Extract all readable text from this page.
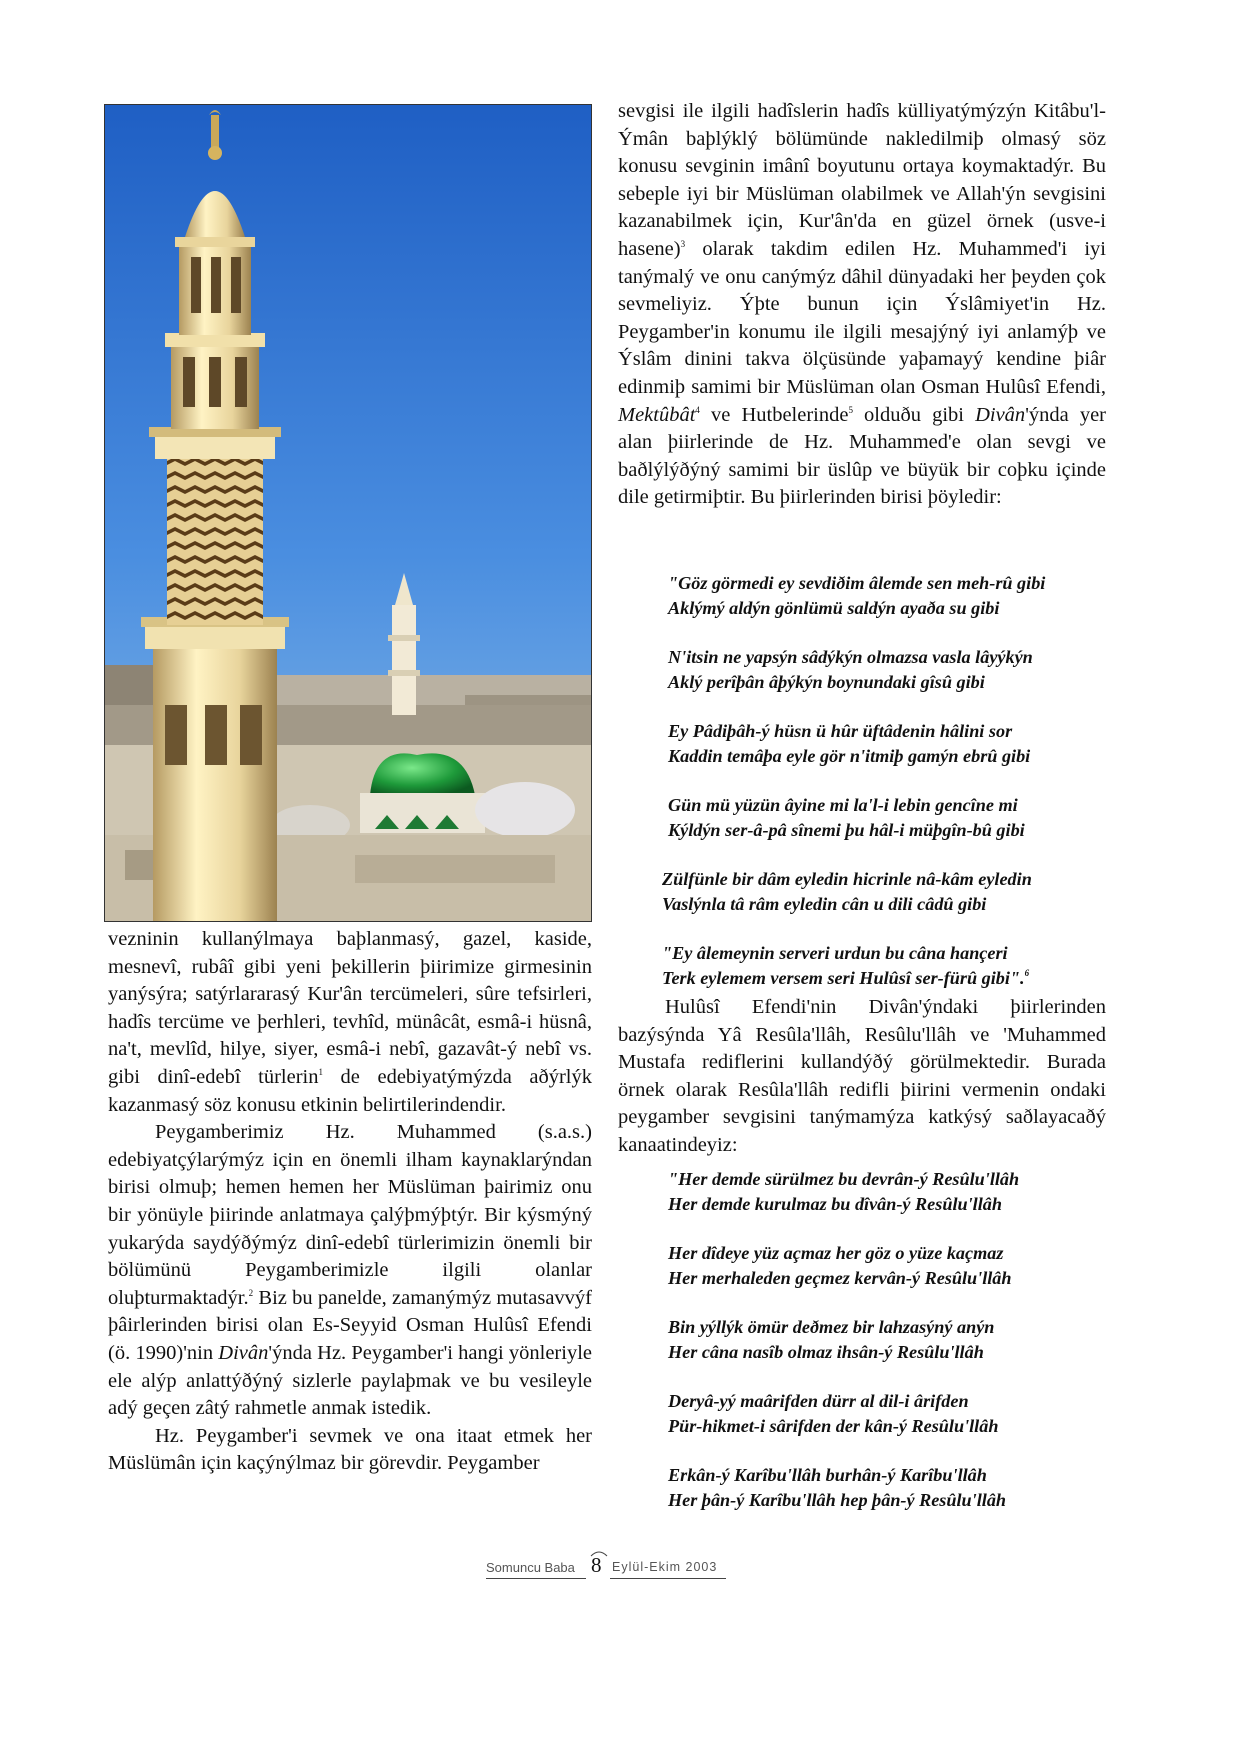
sevgisi ile ilgili hadîslerin hadîs külliyatýmýzýn Kitâbu'l-Ýmân baþlýklý bölümünde nakledilmiþ olmasý söz konusu sevginin imânî boyutunu ortaya koymaktadýr. Bu sebeple iyi bir Müslüman olabilmek ve Allah'ýn sevgisini kazanabilmek için, Kur'ân'da en güzel örnek (usve-i hasene)$^3$ olarak takdim edilen Hz. Muhammed'i iyi tanýmalý ve onu canýmýz dâhil dünyadaki her þeyden çok sevmeliyiz. Ýþte bunun için Ýslâmiyet'in Hz. Peygamber'in konumu ile ilgili mesajýný iyi anlamýþ ve Ýslâm dinini takva ölçüsünde yaþamayý kendine þiâr edinmiþ samimi bir Müslüman olan Osman Hulûsî Efendi, Mektûbât$^4$ ve Hutbelerinde$^5$ olduðu gibi Divân'ýnda yer alan þiirlerinde de Hz. Muhammed'e olan sevgi ve baðlýlýðýný samimi bir üslûp ve büyük bir coþku içinde dile getirmiþtir. Bu þiirlerinden birisi þöyledir:

"Göz görmedi ey sevdiðim âlemde sen meh-rû gibi
Aklýmý aldýn gönlümü saldýn ayaða su gibi
N'itsin ne yapsýn sâdýkýn olmazsa vasla lâyýkýn
Aklý perîþân âþýkýn boynundaki gîsû gibi
Ey Pâdiþâh-ý hüsn ü hûr üftâdenin hâlini sor
Kaddin temâþa eyle gör n'itmiþ gamýn ebrû gibi
Gün mü yüzün âyine mi la'l-i lebin gencîne mi
Kýldýn ser-â-pâ sînemi þu hâl-i müþgîn-bû gibi
Zülfünle bir dâm eyledin hicrinle nâ-kâm eyledin
Vaslýnla tâ râm eyledin cân u dili câdû gibi
"Ey âlemeynin serveri urdun bu câna hançeri
Terk eylemem versem seri Hulûsî ser-fürû gibi".$^6$

vezninin kullanýlmaya baþlanmasý, gazel, kaside, mesnevî, rubâî gibi yeni þekillerin þiirimize girmesinin yanýsýra; satýrlararasý Kur'ân tercümeleri, sûre tefsirleri, hadîs tercüme ve þerhleri, tevhîd, münâcât, esmâ-i hüsnâ, na't, mevlîd, hilye, siyer, esmâ-i nebî, gazavât-ý nebî vs. gibi dinî-edebî türlerin$^1$ de edebiyatýmýzda aðýrlýk kazanmasý söz konusu etkinin belirtilerindendir.

Peygamberimiz Hz. Muhammed (s.a.s.) edebiyatçýlarýmýz için en önemli ilham kaynaklarýndan birisi olmuþ; hemen hemen her Müslüman þairimiz onu bir yönüyle þiirinde anlatmaya çalýþmýþtýr. Bir kýsmýný yukarýda saydýðýmýz dinî-edebî türlerimizin önemli bir bölümünü Peygamberimizle ilgili olanlar oluþturmaktadýr.$^2$ Biz bu panelde, zamanýmýz mutasavvýf þâirlerinden birisi olan Es-Seyyid Osman Hulûsî Efendi (ö. 1990)'nin Divân'ýnda Hz. Peygamber'i hangi yönleriyle ele alýp anlattýðýný sizlerle paylaþmak ve bu vesileyle adý geçen zâtý rahmetle anmak istedik.

Hz. Peygamber'i sevmek ve ona itaat etmek her Müslümân için kaçýnýlmaz bir görevdir. Peygamber

Hulûsî Efendi'nin Divân'ýndaki þiirlerinden bazýsýnda Yâ Resûla'llâh, Resûlu'llâh ve 'Muhammed Mustafa rediflerini kullandýðý görülmektedir. Burada örnek olarak Resûla'llâh redifli þiirini vermenin ondaki peygamber sevgisini tanýmamýza katkýsý saðlayacaðý kanaatindeyiz:

"Her demde sürülmez bu devrân-ý Resûlu'llâh
Her demde kurulmaz bu dîvân-ý Resûlu'llâh
Her dîdeye yüz açmaz her göz o yüze kaçmaz
Her merhaleden geçmez kervân-ý Resûlu'llâh
Bin yýllýk ömür deðmez bir lahzasýný anýn
Her câna nasîb olmaz ihsân-ý Resûlu'llâh
Deryâ-yý maârifden dürr al dil-i ârifden
Pür-hikmet-i sârifden der kân-ý Resûlu'llâh
Erkân-ý Karîbu'llâh burhân-ý Karîbu'llâh
Her þân-ý Karîbu'llâh hep þân-ý Resûlu'llâh
Somuncu Baba 8 Eylül-Ekim 2003
